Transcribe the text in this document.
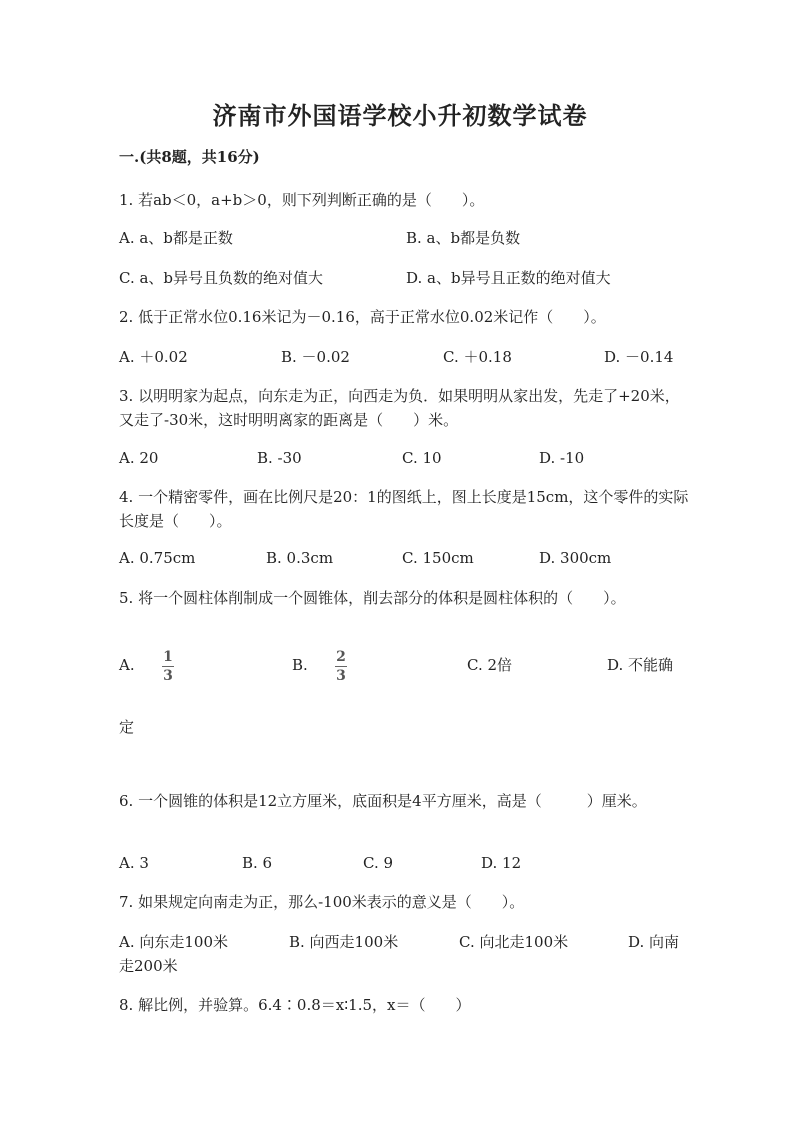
济南市外国语学校小升初数学试卷
一.(共8题，共16分)
1. 若ab＜0，a+b＞0，则下列判断正确的是（　　）。
A. a、b都是正数	B. a、b都是负数
C. a、b异号且负数的绝对值大	D. a、b异号且正数的绝对值大
2. 低于正常水位0.16米记为－0.16，高于正常水位0.02米记作（　　）。
A. ＋0.02	B. －0.02	C. ＋0.18	D. －0.14
3. 以明明家为起点，向东走为正，向西走为负．如果明明从家出发，先走了+20米，又走了-30米，这时明明离家的距离是（　　）米。
A. 20	B. -30	C. 10	D. -10
4. 一个精密零件，画在比例尺是20：1的图纸上，图上长度是15cm，这个零件的实际长度是（　　）。
A. 0.75cm	B. 0.3cm	C. 150cm	D. 300cm
5. 将一个圆柱体削制成一个圆锥体，削去部分的体积是圆柱体积的（　　）。
A. 1
3
B. 2
3
C. 2倍	D. 不能确
定
6. 一个圆锥的体积是12立方厘米，底面积是4平方厘米，高是（　　　）厘米。
A. 3	B. 6	C. 9	D. 12
7. 如果规定向南走为正，那么-100米表示的意义是（　　）。
A. 向东走100米	B. 向西走100米	C. 向北走100米	D. 向南
走200米
8. 解比例，并验算。6.4∶0.8＝x∶1.5，x＝（　　）
